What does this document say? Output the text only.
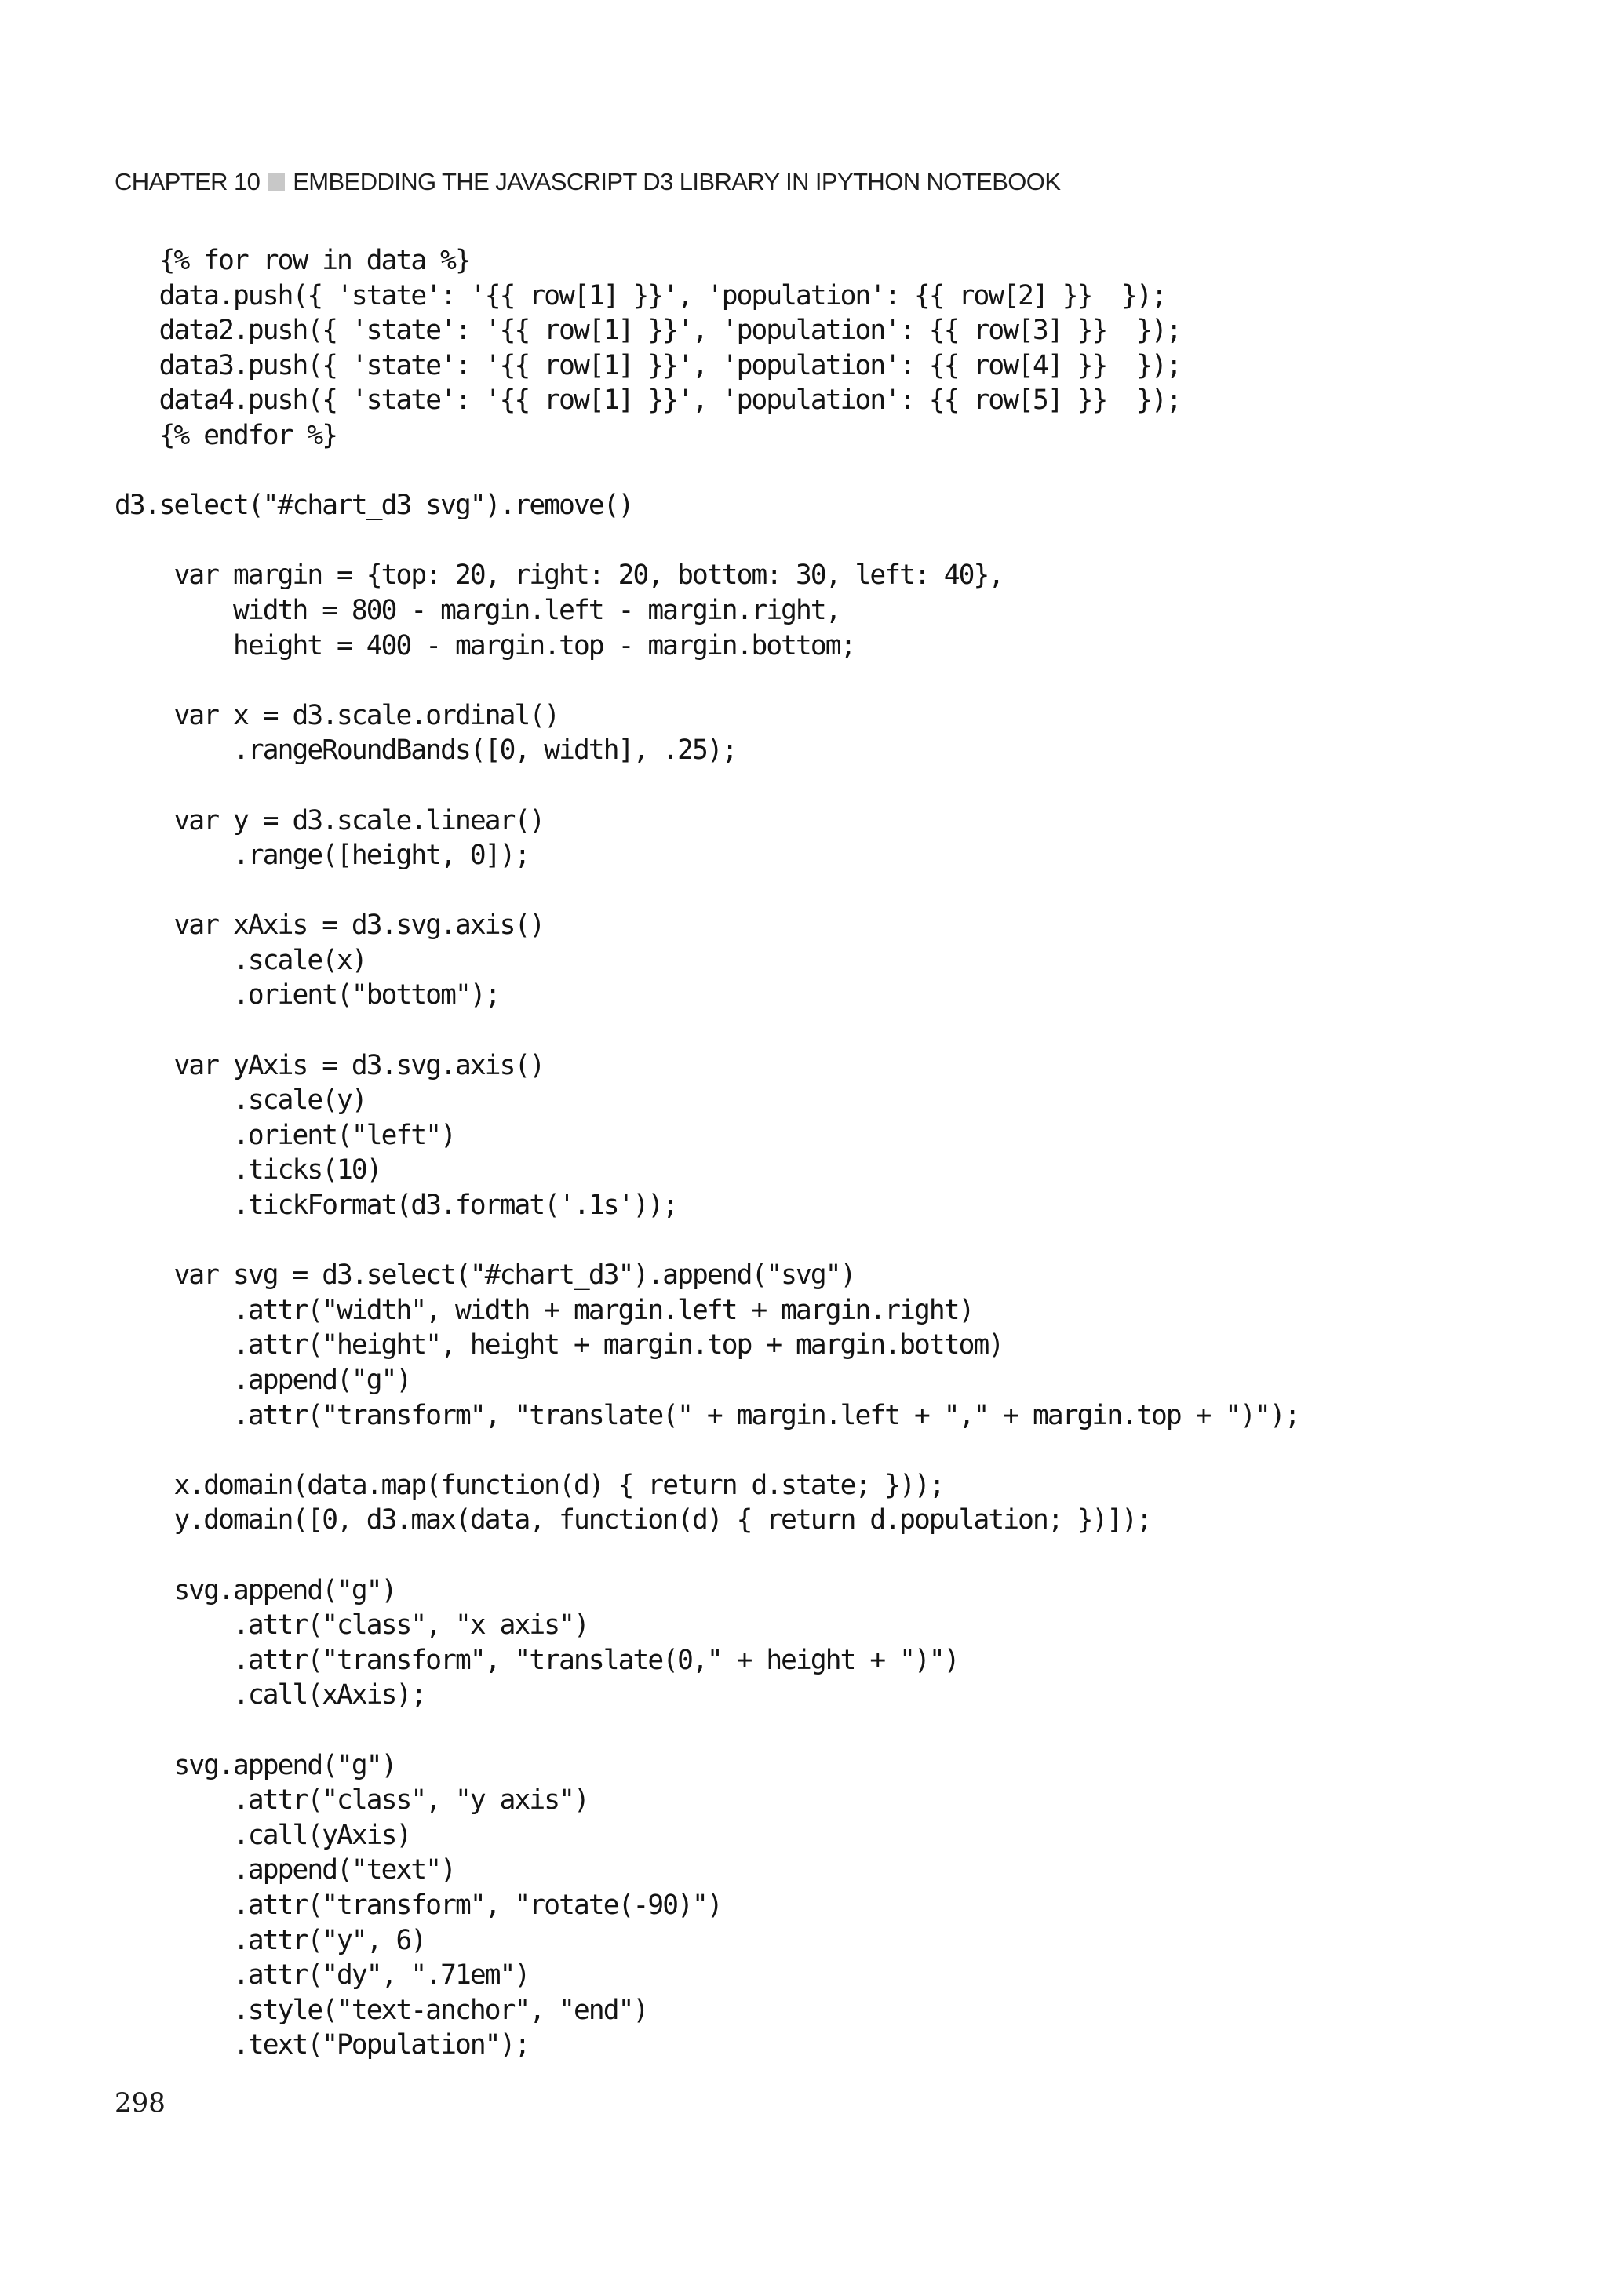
CHAPTER 10 EMBEDDING THE JAVASCRIPT D3 LIBRARY IN IPYTHON NOTEBOOK
{% for row in data %}
data.push({ 'state': '{{ row[1] }}', 'population': {{ row[2] }}  });
data2.push({ 'state': '{{ row[1] }}', 'population': {{ row[3] }}  });
data3.push({ 'state': '{{ row[1] }}', 'population': {{ row[4] }}  });
data4.push({ 'state': '{{ row[1] }}', 'population': {{ row[5] }}  });
{% endfor %}
d3.select("#chart_d3 svg").remove()
var margin = {top: 20, right: 20, bottom: 30, left: 40},
width = 800 - margin.left - margin.right,
height = 400 - margin.top - margin.bottom;
var x = d3.scale.ordinal()
.rangeRoundBands([0, width], .25);
var y = d3.scale.linear()
.range([height, 0]);
var xAxis = d3.svg.axis()
.scale(x)
.orient("bottom");
var yAxis = d3.svg.axis()
.scale(y)
.orient("left")
.ticks(10)
.tickFormat(d3.format('.1s'));
var svg = d3.select("#chart_d3").append("svg")
.attr("width", width + margin.left + margin.right)
.attr("height", height + margin.top + margin.bottom)
.append("g")
.attr("transform", "translate(" + margin.left + "," + margin.top + ")");
x.domain(data.map(function(d) { return d.state; }));
y.domain([0, d3.max(data, function(d) { return d.population; })]);
svg.append("g")
.attr("class", "x axis")
.attr("transform", "translate(0," + height + ")")
.call(xAxis);
svg.append("g")
.attr("class", "y axis")
.call(yAxis)
.append("text")
.attr("transform", "rotate(-90)")
.attr("y", 6)
.attr("dy", ".71em")
.style("text-anchor", "end")
.text("Population");
298
